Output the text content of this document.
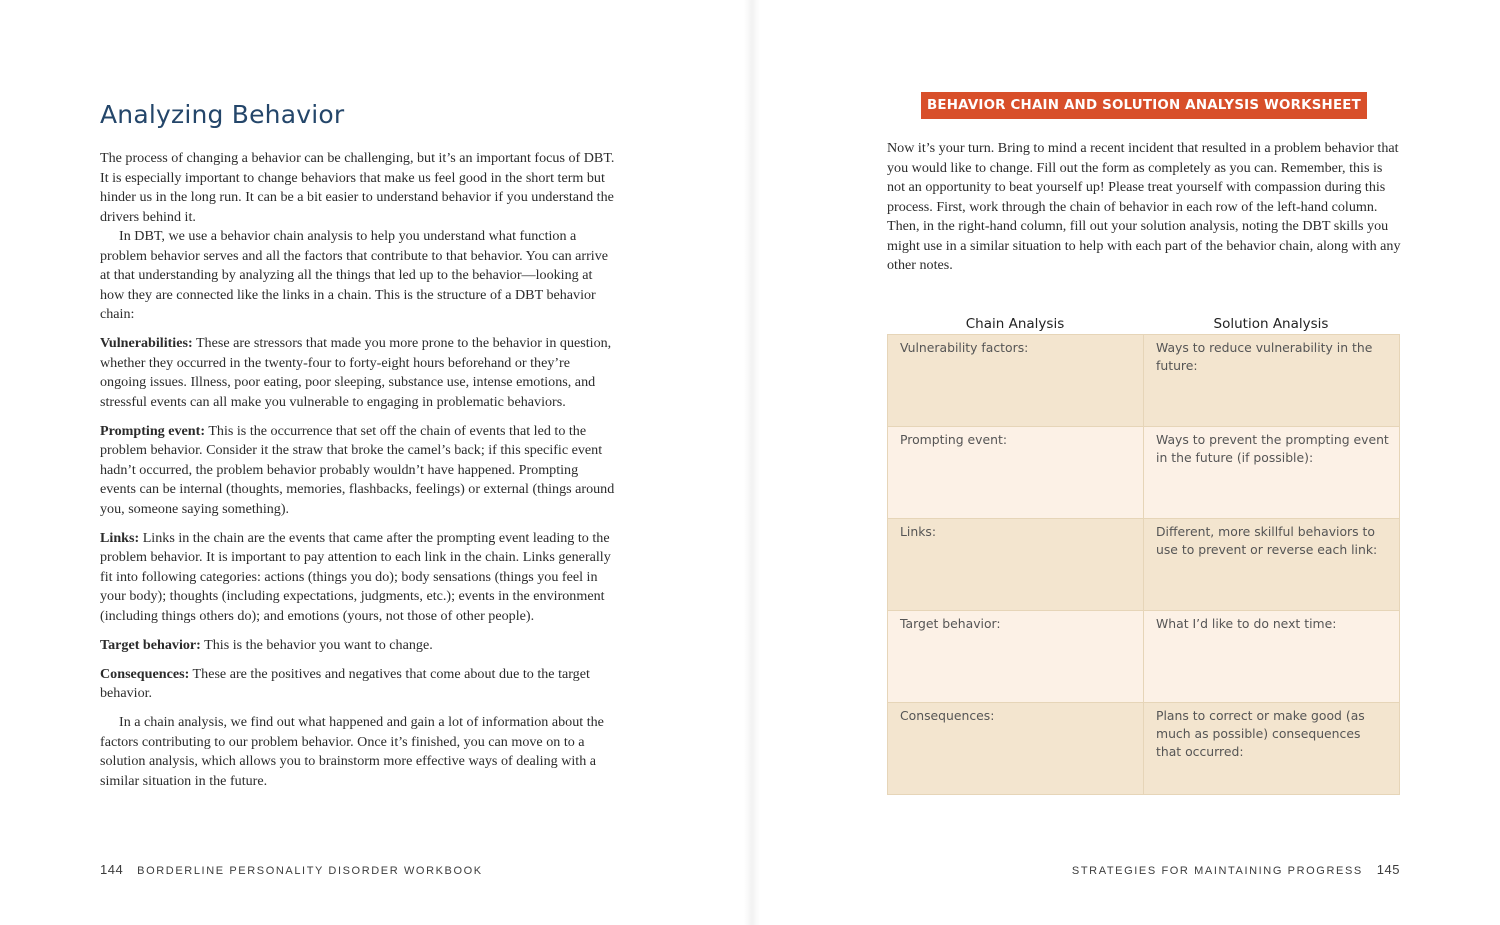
Analyzing Behavior

The process of changing a behavior can be challenging, but it’s an important focus of DBT. It is especially important to change behaviors that make us feel good in the short term but hinder us in the long run. It can be a bit easier to understand behavior if you understand the drivers behind it.

In DBT, we use a behavior chain analysis to help you understand what function a problem behavior serves and all the factors that contribute to that behavior. You can arrive at that understanding by analyzing all the things that led up to the behavior—looking at how they are connected like the links in a chain. This is the structure of a DBT behavior chain:

Vulnerabilities: These are stressors that made you more prone to the behavior in question, whether they occurred in the twenty-four to forty-eight hours beforehand or they’re ongoing issues. Illness, poor eating, poor sleeping, substance use, intense emotions, and stressful events can all make you vulnerable to engaging in problematic behaviors.

Prompting event: This is the occurrence that set off the chain of events that led to the problem behavior. Consider it the straw that broke the camel’s back; if this specific event hadn’t occurred, the problem behavior probably wouldn’t have happened. Prompting events can be internal (thoughts, memories, flashbacks, feelings) or external (things around you, someone saying something).

Links: Links in the chain are the events that came after the prompting event leading to the problem behavior. It is important to pay attention to each link in the chain. Links generally fit into following categories: actions (things you do); body sensations (things you feel in your body); thoughts (including expectations, judgments, etc.); events in the environment (including things others do); and emotions (yours, not those of other people).

Target behavior: This is the behavior you want to change.

Consequences: These are the positives and negatives that come about due to the target behavior.

In a chain analysis, we find out what happened and gain a lot of information about the factors contributing to our problem behavior. Once it’s finished, you can move on to a solution analysis, which allows you to brainstorm more effective ways of dealing with a similar situation in the future.

144 BORDERLINE PERSONALITY DISORDER WORKBOOK
BEHAVIOR CHAIN AND SOLUTION ANALYSIS WORKSHEET

Now it’s your turn. Bring to mind a recent incident that resulted in a problem behavior that you would like to change. Fill out the form as completely as you can. Remember, this is not an opportunity to beat yourself up! Please treat yourself with compassion during this process. First, work through the chain of behavior in each row of the left-hand column. Then, in the right-hand column, fill out your solution analysis, noting the DBT skills you might use in a similar situation to help with each part of the behavior chain, along with any other notes.

Chain Analysis	Solution Analysis
Vulnerability factors:	Ways to reduce vulnerability in the future:
Prompting event:	Ways to prevent the prompting event in the future (if possible):
Links:	Different, more skillful behaviors to use to prevent or reverse each link:
Target behavior:	What I’d like to do next time:
Consequences:	Plans to correct or make good (as much as possible) consequences that occurred:
STRATEGIES FOR MAINTAINING PROGRESS 145
